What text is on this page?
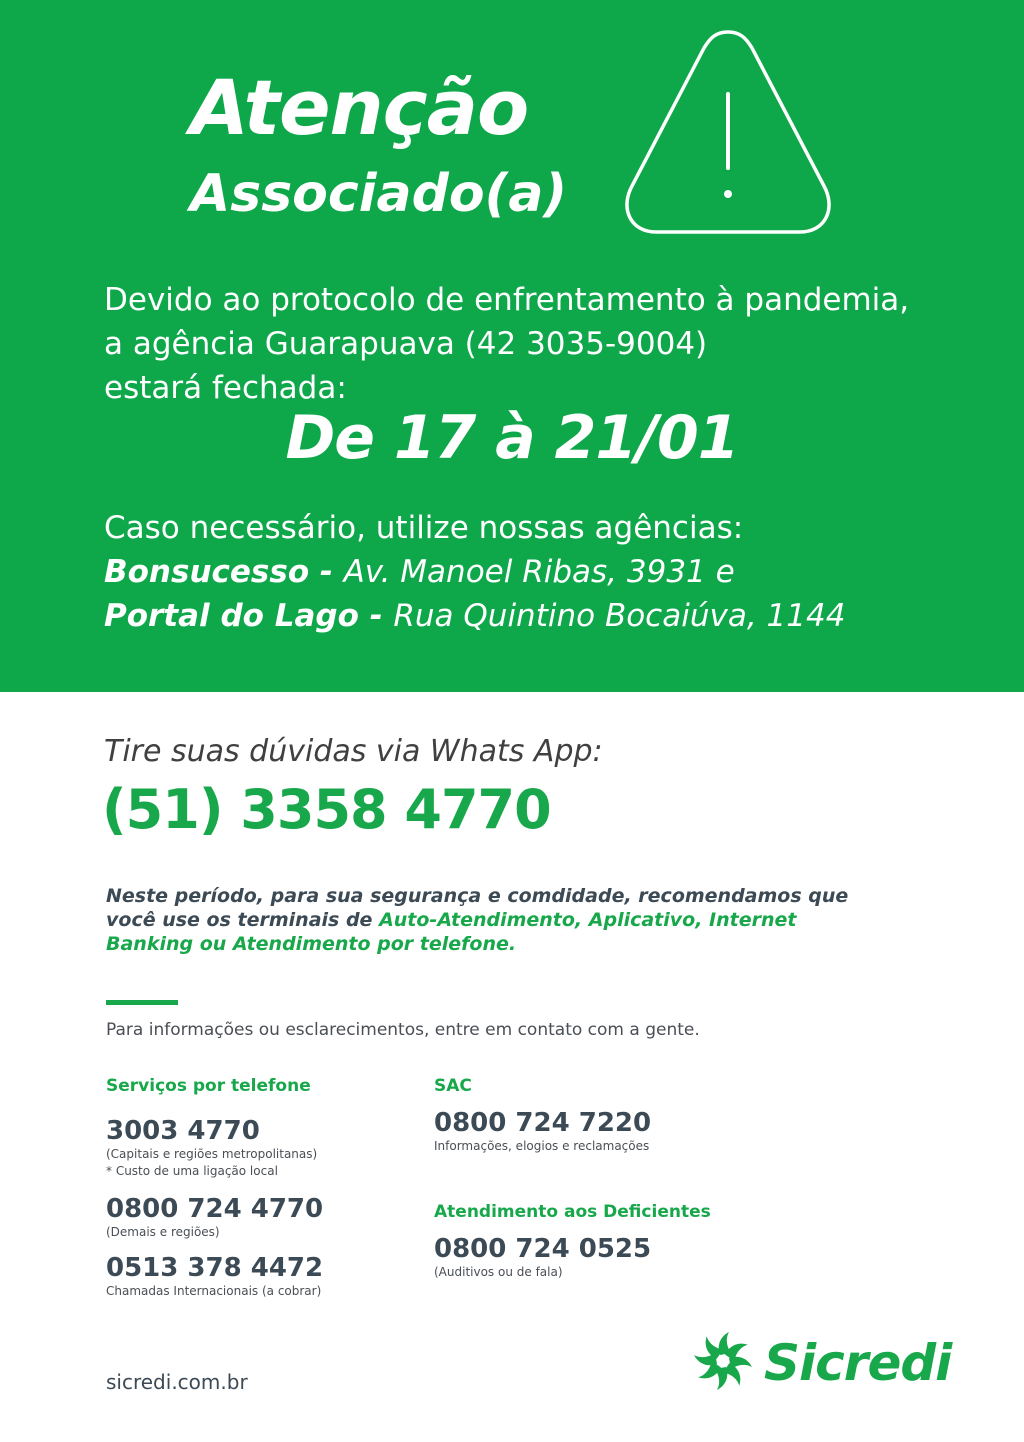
Atenção
Associado(a)
Devido ao protocolo de enfrentamento à pandemia,
a agência Guarapuava (42 3035-9004)
estará fechada:
De 17 à 21/01
Caso necessário, utilize nossas agências:
Bonsucesso - Av. Manoel Ribas, 3931 e
Portal do Lago - Rua Quintino Bocaiúva, 1144
Tire suas dúvidas via Whats App:
(51) 3358 4770
Neste período, para sua segurança e comdidade, recomendamos que você use os terminais de Auto-Atendimento, Aplicativo, Internet Banking ou Atendimento por telefone.
Para informações ou esclarecimentos, entre em contato com a gente.
Serviços por telefone
3003 4770
(Capitais e regiões metropolitanas)
* Custo de uma ligação local
0800 724 4770
(Demais e regiões)
0513 378 4472
Chamadas Internacionais (a cobrar)
SAC
0800 724 7220
Informações, elogios e reclamações
Atendimento aos Deficientes
0800 724 0525
(Auditivos ou de fala)
sicredi.com.br	Sicredi
